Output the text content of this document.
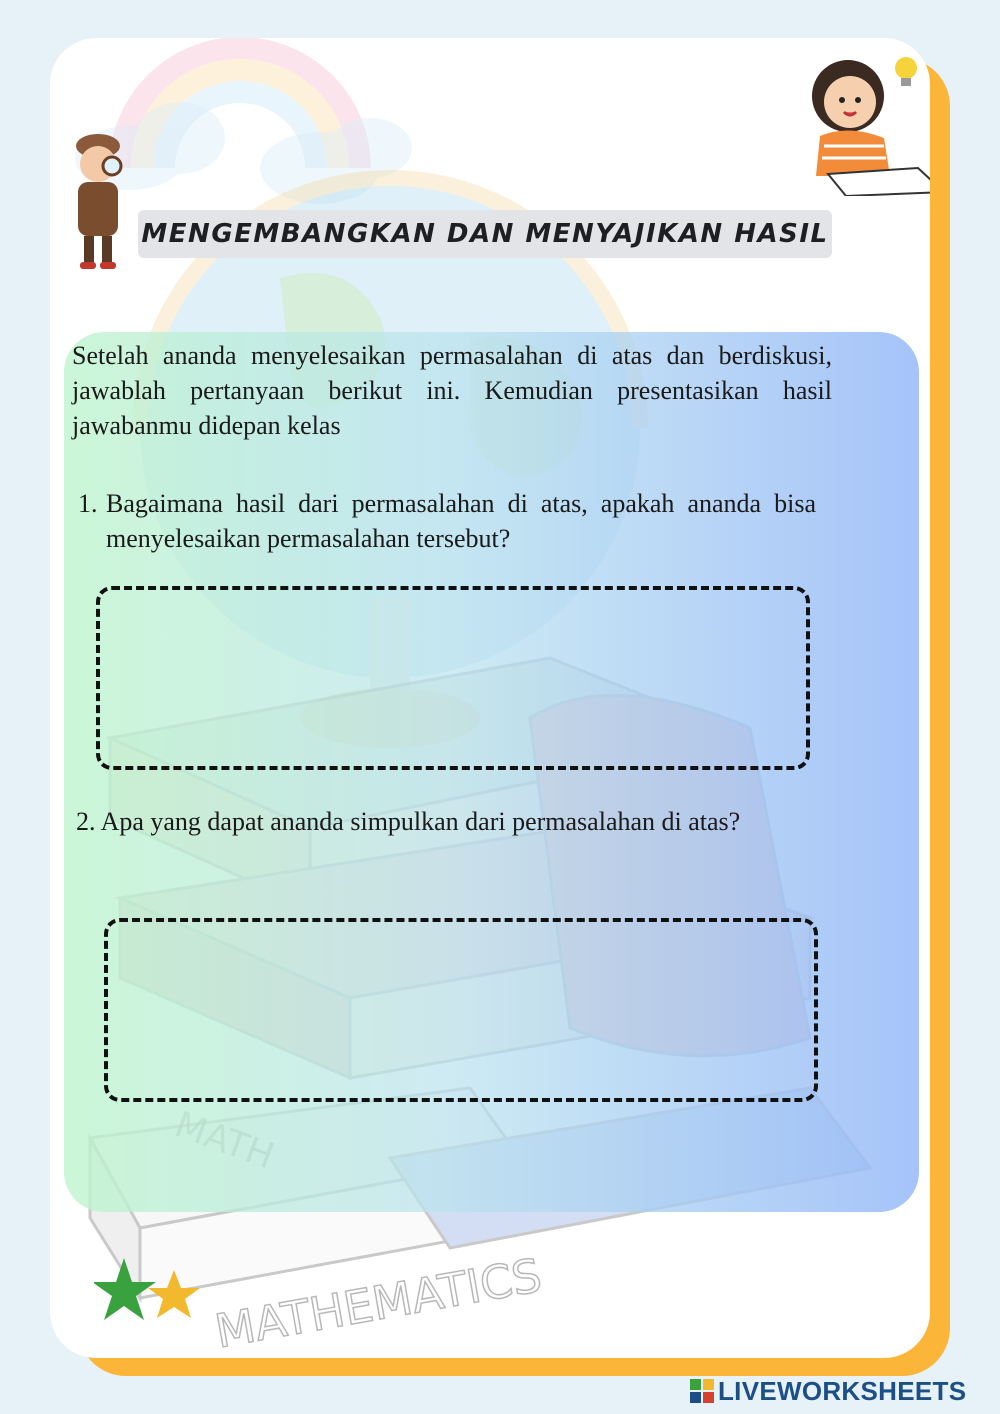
MATHEMATICS
MENGEMBANGKAN DAN MENYAJIKAN HASIL

Setelah ananda menyelesaikan permasalahan di atas dan berdiskusi, jawablah pertanyaan berikut ini. Kemudian presentasikan hasil jawabanmu didepan kelas

1. Bagaimana hasil dari permasalahan di atas, apakah ananda bisa menyelesaikan permasalahan tersebut?

2. Apa yang dapat ananda simpulkan dari permasalahan di atas?

LIVEWORKSHEETS
